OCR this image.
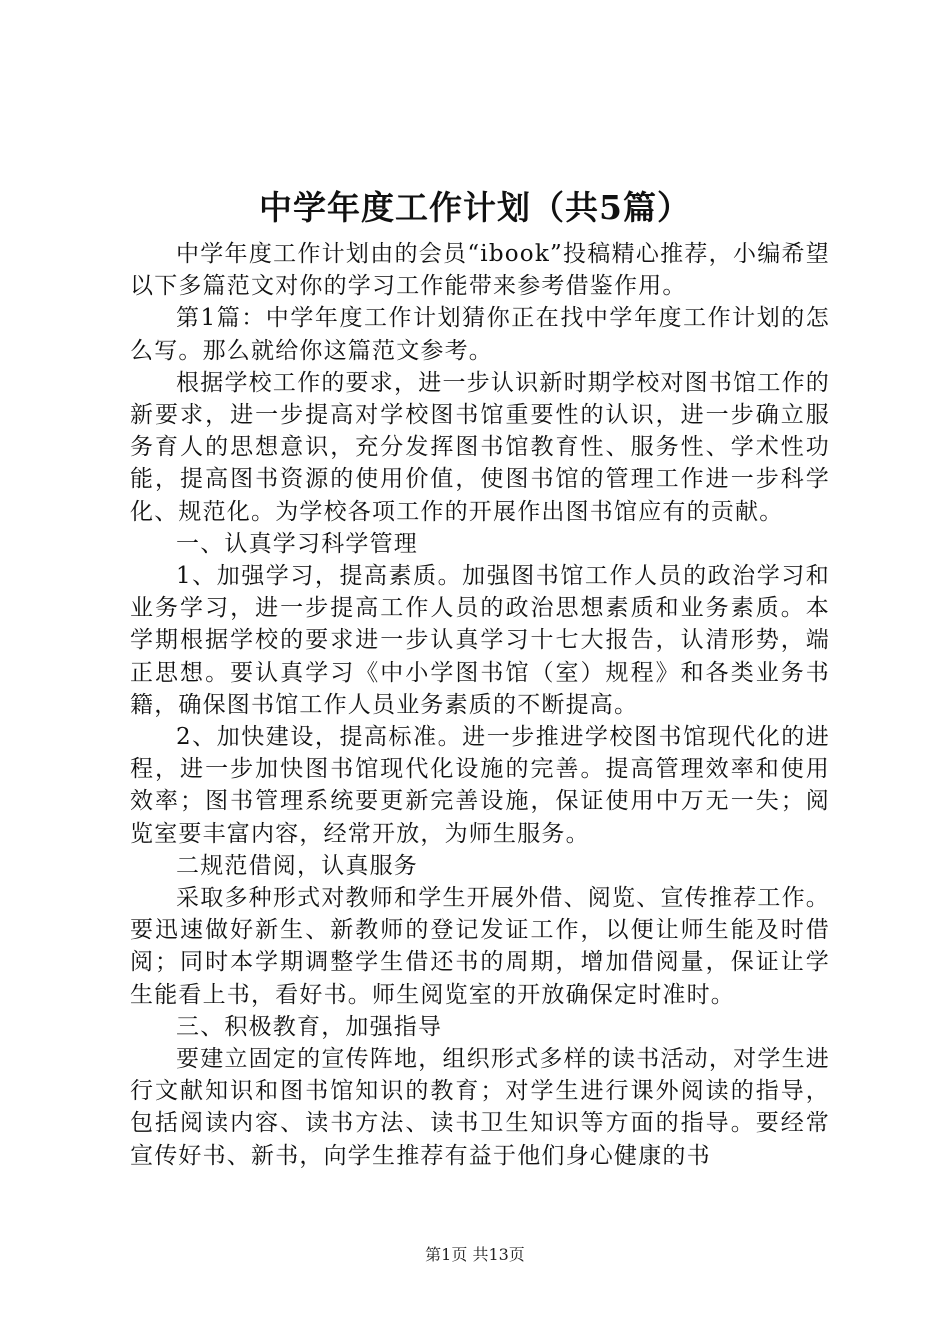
中学年度工作计划（共5篇）

中学年度工作计划由的会员“ibook”投稿精心推荐，小编希望以下多篇范文对你的学习工作能带来参考借鉴作用。

第1篇：中学年度工作计划猜你正在找中学年度工作计划的怎么写。那么就给你这篇范文参考。

根据学校工作的要求，进一步认识新时期学校对图书馆工作的新要求，进一步提高对学校图书馆重要性的认识，进一步确立服务育人的思想意识，充分发挥图书馆教育性、服务性、学术性功能，提高图书资源的使用价值，使图书馆的管理工作进一步科学化、规范化。为学校各项工作的开展作出图书馆应有的贡献。

一、认真学习科学管理

1、加强学习，提高素质。加强图书馆工作人员的政治学习和业务学习，进一步提高工作人员的政治思想素质和业务素质。本学期根据学校的要求进一步认真学习十七大报告，认清形势，端正思想。要认真学习《中小学图书馆（室）规程》和各类业务书籍，确保图书馆工作人员业务素质的不断提高。

2、加快建设，提高标准。进一步推进学校图书馆现代化的进程，进一步加快图书馆现代化设施的完善。提高管理效率和使用效率；图书管理系统要更新完善设施，保证使用中万无一失；阅览室要丰富内容，经常开放，为师生服务。

二规范借阅，认真服务

采取多种形式对教师和学生开展外借、阅览、宣传推荐工作。要迅速做好新生、新教师的登记发证工作，以便让师生能及时借阅；同时本学期调整学生借还书的周期，增加借阅量，保证让学生能看上书，看好书。师生阅览室的开放确保定时准时。

三、积极教育，加强指导

要建立固定的宣传阵地，组织形式多样的读书活动，对学生进行文献知识和图书馆知识的教育；对学生进行课外阅读的指导，包括阅读内容、读书方法、读书卫生知识等方面的指导。要经常宣传好书、新书，向学生推荐有益于他们身心健康的书

第1页 共13页
